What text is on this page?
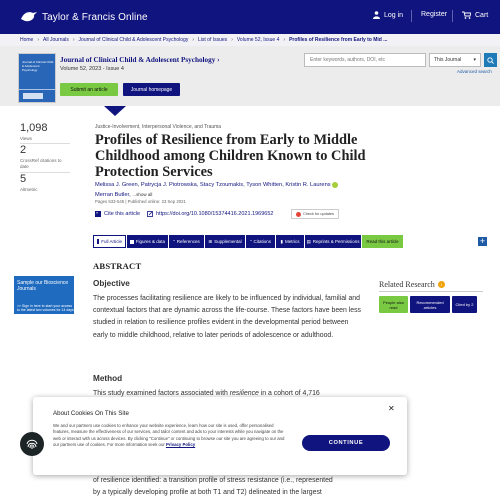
Taylor & Francis Online	Log in	Register	Cart
Home › All Journals › Journal of Clinical Child & Adolescent Psychology › List of Issues › Volume 52, Issue 4 › Profiles of Resilience from Early to Mid ...
Journal of Clinical Child & Adolescent Psychology
Journal of Clinical Child & Adolescent Psychology ›
Volume 52, 2023 - Issue 4
Submit an article	Journal homepage
Enter keywords, authors, DOI, etc	This Journal ▾
Advanced search
1,098
Views
2
CrossRef citations to date
5
Altmetric
Justice-Involvement, Interpersonal Violence, and Trauma
Profiles of Resilience from Early to Middle Childhood among Children Known to Child Protection Services
Melissa J. Green, Patrycja J. Piotrowska, Stacy Tzoumakis, Tyson Whitten, Kristin R. Laurens
Merran Butler, ...show all
Pages 533-545 | Published online: 23 Sep 2021
" Cite this article	https://doi.org/10.1080/15374416.2021.1969652	Check for updates
Full Article	Figures & data " References ⊞ Supplemental " Citations ▮ Metrics ▤ Reprints & Permissions Read this article	+
Sample our Bioscience Journals
>> Sign in here to start your access to the latest two volumes for 14 days
ABSTRACT
Objective
The processes facilitating resilience are likely to be influenced by individual, familial and contextual factors that are dynamic across the life-course. These factors have been less studied in relation to resilience profiles evident in the developmental period between early to middle childhood, relative to later periods of adolescence or adulthood.
Method
This study examined factors associated with resilience in a cohort of 4,716
of resilience identified: a transition profile of stress resistance (i.e., represented
by a typically developing profile at both T1 and T2) delineated in the largest
Related Research	i
People also read
Recommended articles	Cited by 2
About Cookies On This Site
✕
We and our partners use cookies to enhance your website experience, learn how our site is used, offer personalised features, measure the effectiveness of our services, and tailor content and ads to your interests while you navigate on the web or interact with us across devices. By clicking "Continue" or continuing to browse our site you are agreeing to our and our partners use of cookies. For more information seek our Privacy Policy	CONTINUE
